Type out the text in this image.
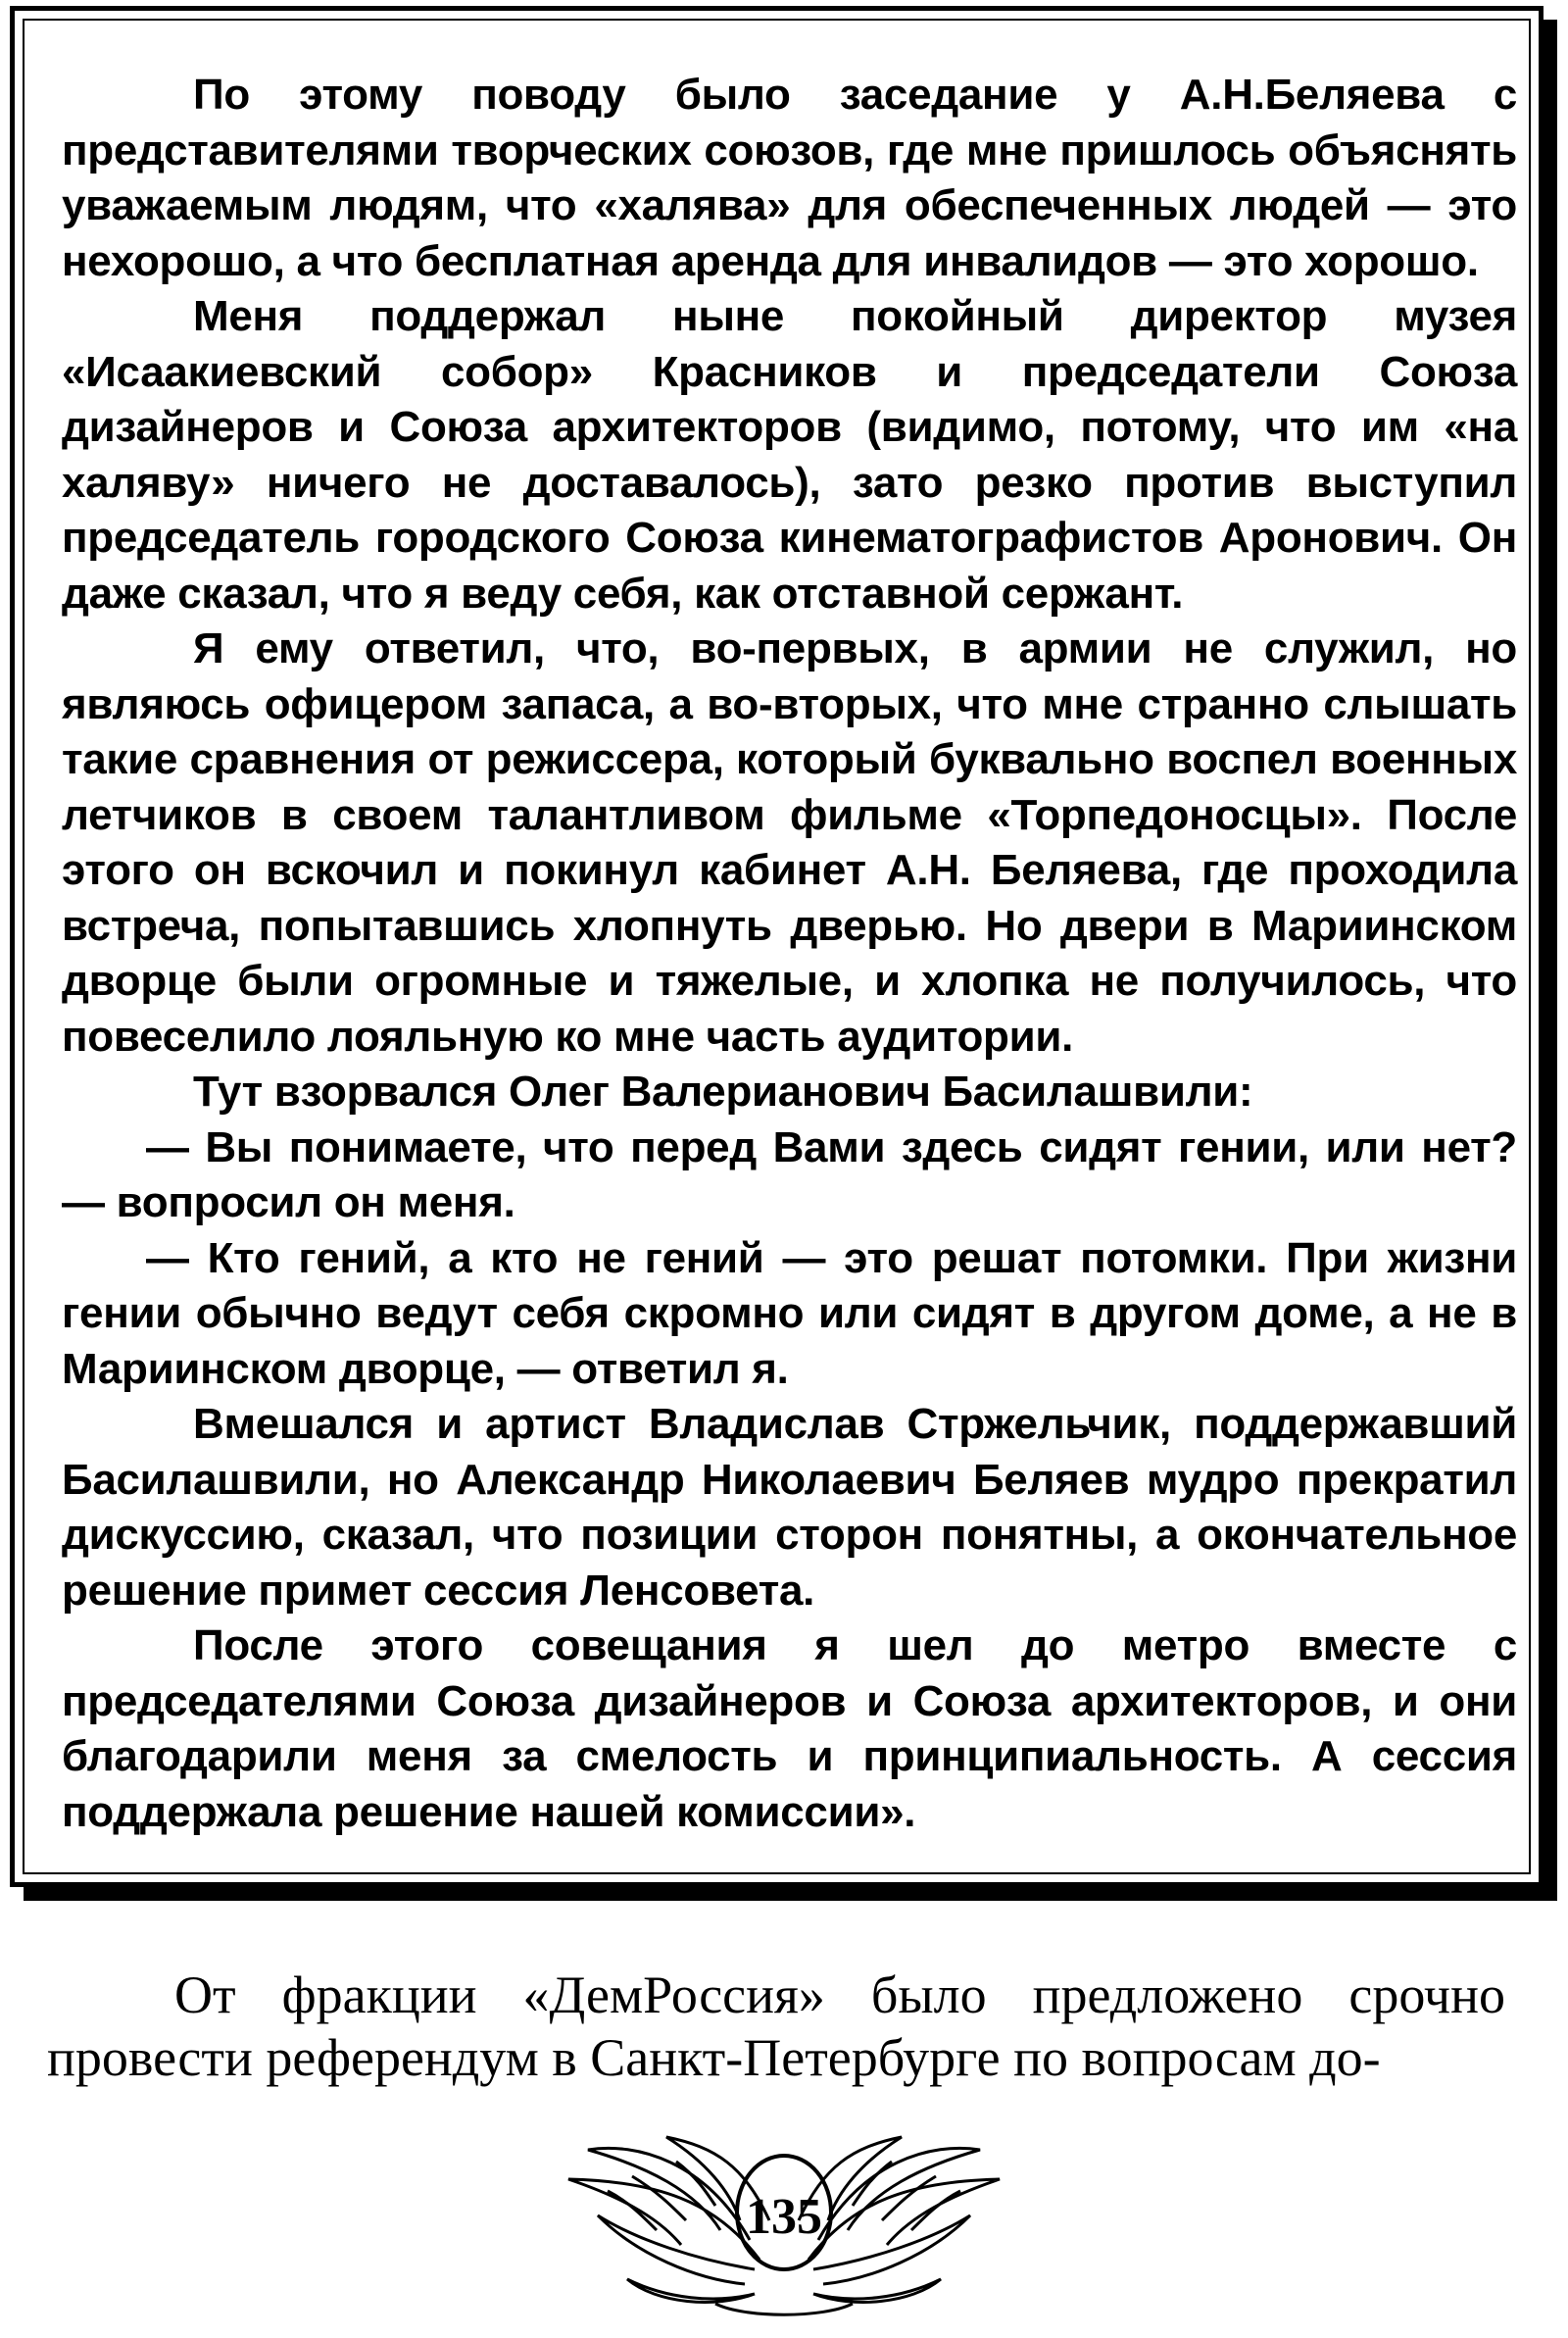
По этому поводу было заседание у А.Н.Беляева с представителями творческих союзов, где мне пришлось объяснять уважаемым людям, что «халява» для обеспеченных людей — это нехорошо, а что бесплатная аренда для инвалидов — это хорошо.

Меня поддержал ныне покойный директор музея «Исаакиевский собор» Красников и председатели Союза дизайнеров и Союза архитекторов (видимо, потому, что им «на халяву» ничего не доставалось), зато резко против выступил председатель городского Союза кинематографистов Аронович. Он даже сказал, что я веду себя, как отставной сержант.

Я ему ответил, что, во-первых, в армии не служил, но являюсь офицером запаса, а во-вторых, что мне странно слышать такие сравнения от режиссера, который буквально воспел военных летчиков в своем талантливом фильме «Торпедоносцы». После этого он вскочил и покинул кабинет А.Н. Беляева, где проходила встреча, попытавшись хлопнуть дверью. Но двери в Мариинском дворце были огромные и тяжелые, и хлопка не получилось, что повеселило лояльную ко мне часть аудитории.

Тут взорвался Олег Валерианович Басилашвили:

— Вы понимаете, что перед Вами здесь сидят гении, или нет? — вопросил он меня.

— Кто гений, а кто не гений — это решат потомки. При жизни гении обычно ведут себя скромно или сидят в другом доме, а не в Мариинском дворце, — ответил я.

Вмешался и артист Владислав Стржельчик, поддержавший Басилашвили, но Александр Николаевич Беляев мудро прекратил дискуссию, сказал, что позиции сторон понятны, а окончательное решение примет сессия Ленсовета.

После этого совещания я шел до метро вместе с председателями Союза дизайнеров и Союза архитекторов, и они благодарили меня за смелость и принципиальность. А сессия поддержала решение нашей комиссии».

От фракции «ДемРоссия» было предложено срочно провести референдум в Санкт-Петербурге по вопросам до-

135
